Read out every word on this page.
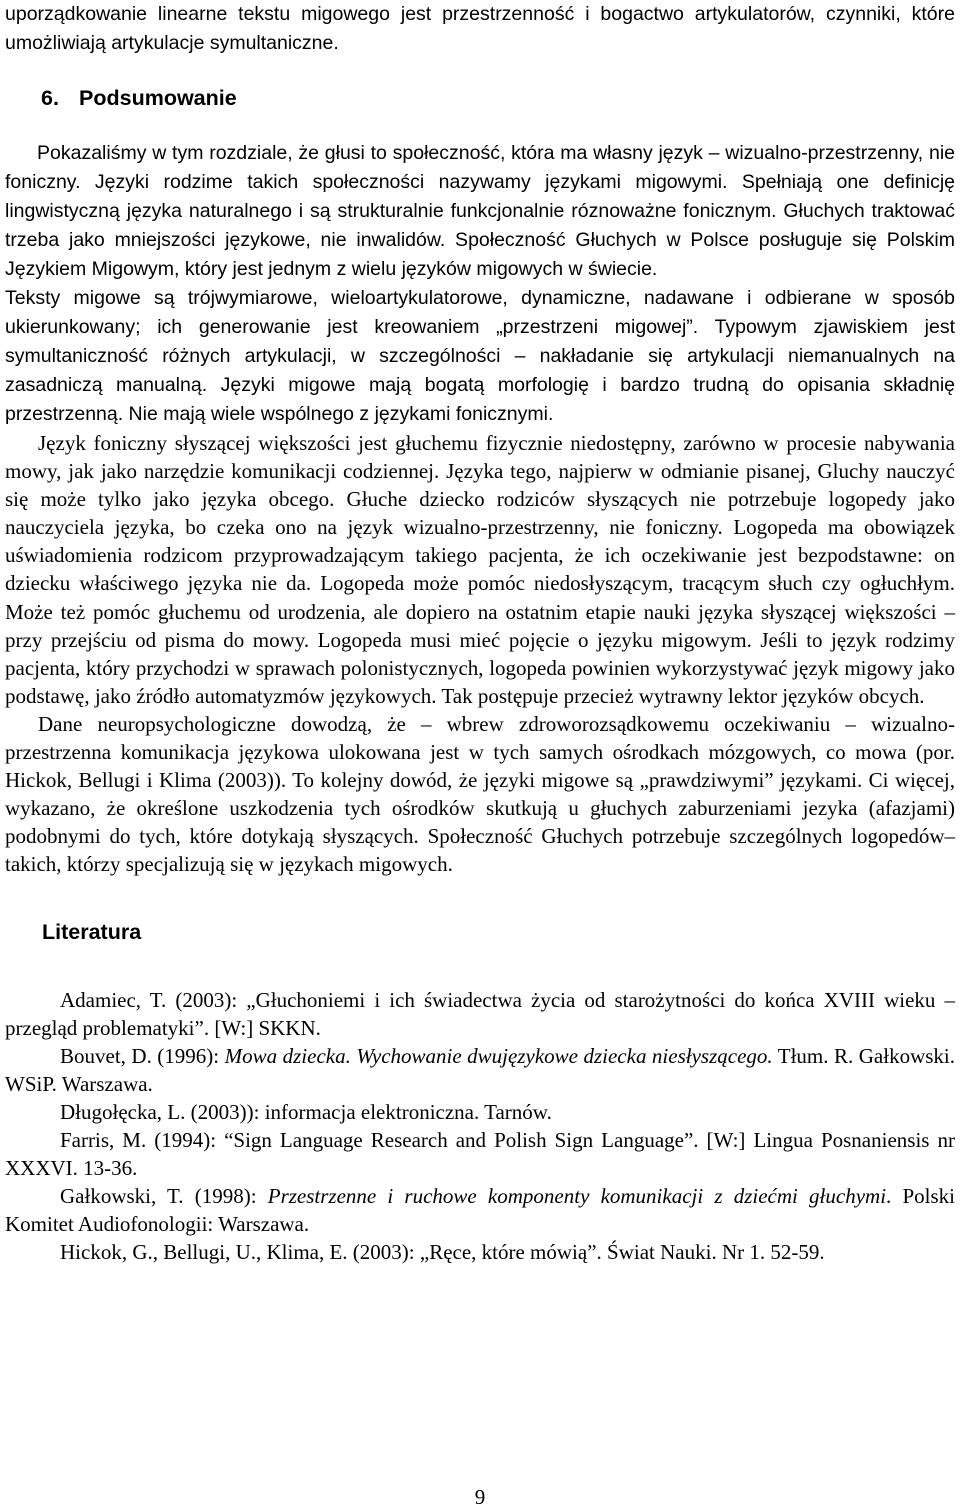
uporządkowanie linearne tekstu migowego jest przestrzenność i bogactwo artykulatorów, czynniki, które umożliwiają artykulacje symultaniczne.

6. Podsumowanie

Pokazaliśmy w tym rozdziale, że głusi to społeczność, która ma własny język – wizualno-przestrzenny, nie foniczny. Języki rodzime takich społeczności nazywamy językami migowymi. Spełniają one definicję lingwistyczną języka naturalnego i są strukturalnie funkcjonalnie róznoważne fonicznym. Głuchych traktować trzeba jako mniejszości językowe, nie inwalidów. Społeczność Głuchych w Polsce posługuje się Polskim Językiem Migowym, który jest jednym z wielu języków migowych w świecie.

Teksty migowe są trójwymiarowe, wieloartykulatorowe, dynamiczne, nadawane i odbierane w sposób ukierunkowany; ich generowanie jest kreowaniem „przestrzeni migowej”. Typowym zjawiskiem jest symultaniczność różnych artykulacji, w szczególności – nakładanie się artykulacji niemanualnych na zasadniczą manualną. Języki migowe mają bogatą morfologię i bardzo trudną do opisania składnię przestrzenną. Nie mają wiele wspólnego z językami fonicznymi.

Język foniczny słyszącej większości jest głuchemu fizycznie niedostępny, zarówno w procesie nabywania mowy, jak jako narzędzie komunikacji codziennej. Języka tego, najpierw w odmianie pisanej, Gluchy nauczyć się może tylko jako języka obcego. Głuche dziecko rodziców słyszących nie potrzebuje logopedy jako nauczyciela języka, bo czeka ono na język wizualno-przestrzenny, nie foniczny. Logopeda ma obowiązek uświadomienia rodzicom przyprowadzającym takiego pacjenta, że ich oczekiwanie jest bezpodstawne: on dziecku właściwego języka nie da. Logopeda może pomóc niedosłyszącym, tracącym słuch czy ogłuchłym. Może też pomóc głuchemu od urodzenia, ale dopiero na ostatnim etapie nauki języka słyszącej większości – przy przejściu od pisma do mowy. Logopeda musi mieć pojęcie o języku migowym. Jeśli to język rodzimy pacjenta, który przychodzi w sprawach polonistycznych, logopeda powinien wykorzystywać język migowy jako podstawę, jako źródło automatyzmów językowych. Tak postępuje przecież wytrawny lektor języków obcych.

Dane neuropsychologiczne dowodzą, że – wbrew zdroworozsądkowemu oczekiwaniu – wizualno-przestrzenna komunikacja językowa ulokowana jest w tych samych ośrodkach mózgowych, co mowa (por. Hickok, Bellugi i Klima (2003)). To kolejny dowód, że języki migowe są „prawdziwymi” językami. Ci więcej, wykazano, że określone uszkodzenia tych ośrodków skutkują u głuchych zaburzeniami jezyka (afazjami) podobnymi do tych, które dotykają słyszących. Społeczność Głuchych potrzebuje szczególnych logopedów– takich, którzy specjalizują się w językach migowych.

Literatura

Adamiec, T. (2003): „Głuchoniemi i ich świadectwa życia od starożytności do końca XVIII wieku – przegląd problematyki”. [W:] SKKN.

Bouvet, D. (1996): Mowa dziecka. Wychowanie dwujęzykowe dziecka niesłyszącego. Tłum. R. Gałkowski. WSiP. Warszawa.

Długołęcka, L. (2003)): informacja elektroniczna. Tarnów.

Farris, M. (1994): “Sign Language Research and Polish Sign Language”. [W:] Lingua Posnaniensis nr XXXVI. 13-36.

Gałkowski, T. (1998): Przestrzenne i ruchowe komponenty komunikacji z dziećmi głuchymi. Polski Komitet Audiofonologii: Warszawa.

Hickok, G., Bellugi, U., Klima, E. (2003): „Ręce, które mówią”. Świat Nauki. Nr 1. 52-59.

9
